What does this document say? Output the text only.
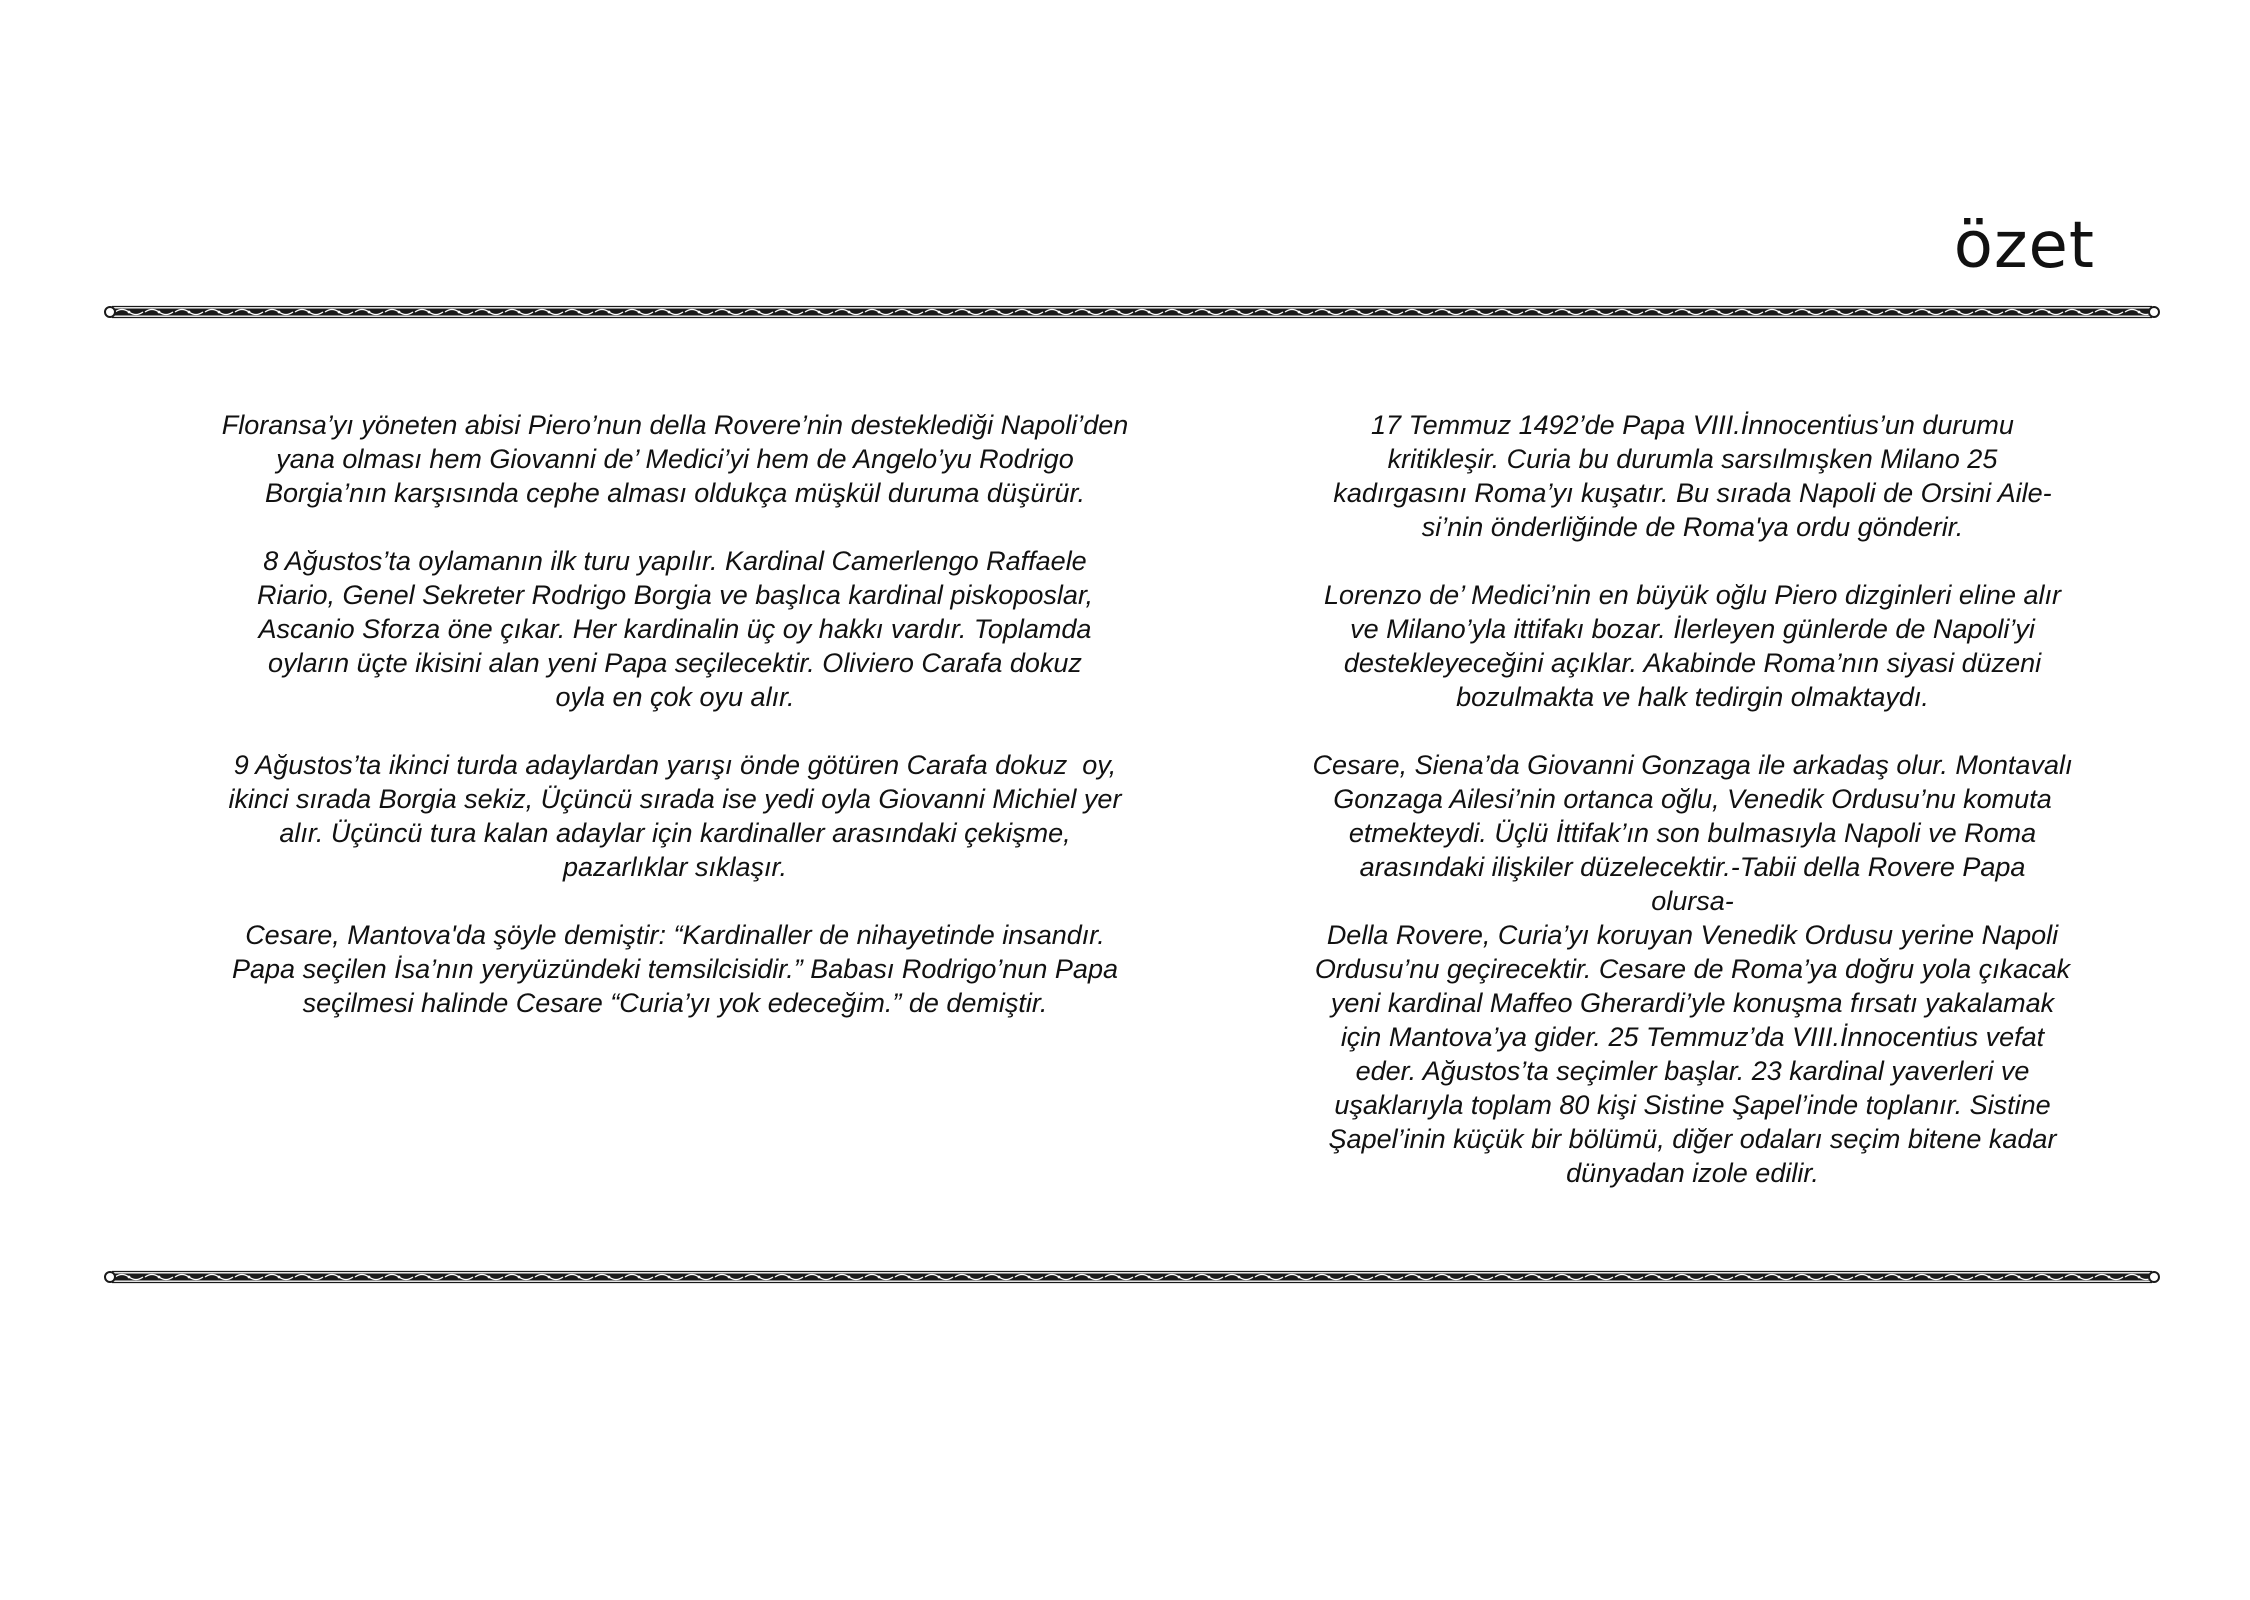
özet
Floransa’yı yöneten abisi Piero’nun della Rovere’nin desteklediği Napoli’den
yana olması hem Giovanni de’ Medici’yi hem de Angelo’yu Rodrigo
Borgia’nın karşısında cephe alması oldukça müşkül duruma düşürür.
8 Ağustos’ta oylamanın ilk turu yapılır. Kardinal Camerlengo Raffaele
Riario, Genel Sekreter Rodrigo Borgia ve başlıca kardinal piskoposlar,
Ascanio Sforza öne çıkar. Her kardinalin üç oy hakkı vardır. Toplamda
oyların üçte ikisini alan yeni Papa seçilecektir. Oliviero Carafa dokuz
oyla en çok oyu alır.
9 Ağustos’ta ikinci turda adaylardan yarışı önde götüren Carafa dokuz  oy,
ikinci sırada Borgia sekiz, Üçüncü sırada ise yedi oyla Giovanni Michiel yer
alır. Üçüncü tura kalan adaylar için kardinaller arasındaki çekişme,
pazarlıklar sıklaşır.
Cesare, Mantova'da şöyle demiştir: “Kardinaller de nihayetinde insandır.
Papa seçilen İsa’nın yeryüzündeki temsilcisidir.” Babası Rodrigo’nun Papa
seçilmesi halinde Cesare “Curia’yı yok edeceğim.” de demiştir.
17 Temmuz 1492’de Papa VIII.İnnocentius’un durumu
kritikleşir. Curia bu durumla sarsılmışken Milano 25
kadırgasını Roma’yı kuşatır. Bu sırada Napoli de Orsini Aile-
si’nin önderliğinde de Roma'ya ordu gönderir.
Lorenzo de’ Medici’nin en büyük oğlu Piero dizginleri eline alır
ve Milano’yla ittifakı bozar. İlerleyen günlerde de Napoli’yi
destekleyeceğini açıklar. Akabinde Roma’nın siyasi düzeni
bozulmakta ve halk tedirgin olmaktaydı.
Cesare, Siena’da Giovanni Gonzaga ile arkadaş olur. Montavalı
Gonzaga Ailesi’nin ortanca oğlu, Venedik Ordusu’nu komuta
etmekteydi. Üçlü İttifak’ın son bulmasıyla Napoli ve Roma
arasındaki ilişkiler düzelecektir.-Tabii della Rovere Papa
olursa-
Della Rovere, Curia’yı koruyan Venedik Ordusu yerine Napoli
Ordusu’nu geçirecektir. Cesare de Roma’ya doğru yola çıkacak
yeni kardinal Maffeo Gherardi’yle konuşma fırsatı yakalamak
için Mantova’ya gider. 25 Temmuz’da VIII.İnnocentius vefat
eder. Ağustos’ta seçimler başlar. 23 kardinal yaverleri ve
uşaklarıyla toplam 80 kişi Sistine Şapel’inde toplanır. Sistine
Şapel’inin küçük bir bölümü, diğer odaları seçim bitene kadar
dünyadan izole edilir.
